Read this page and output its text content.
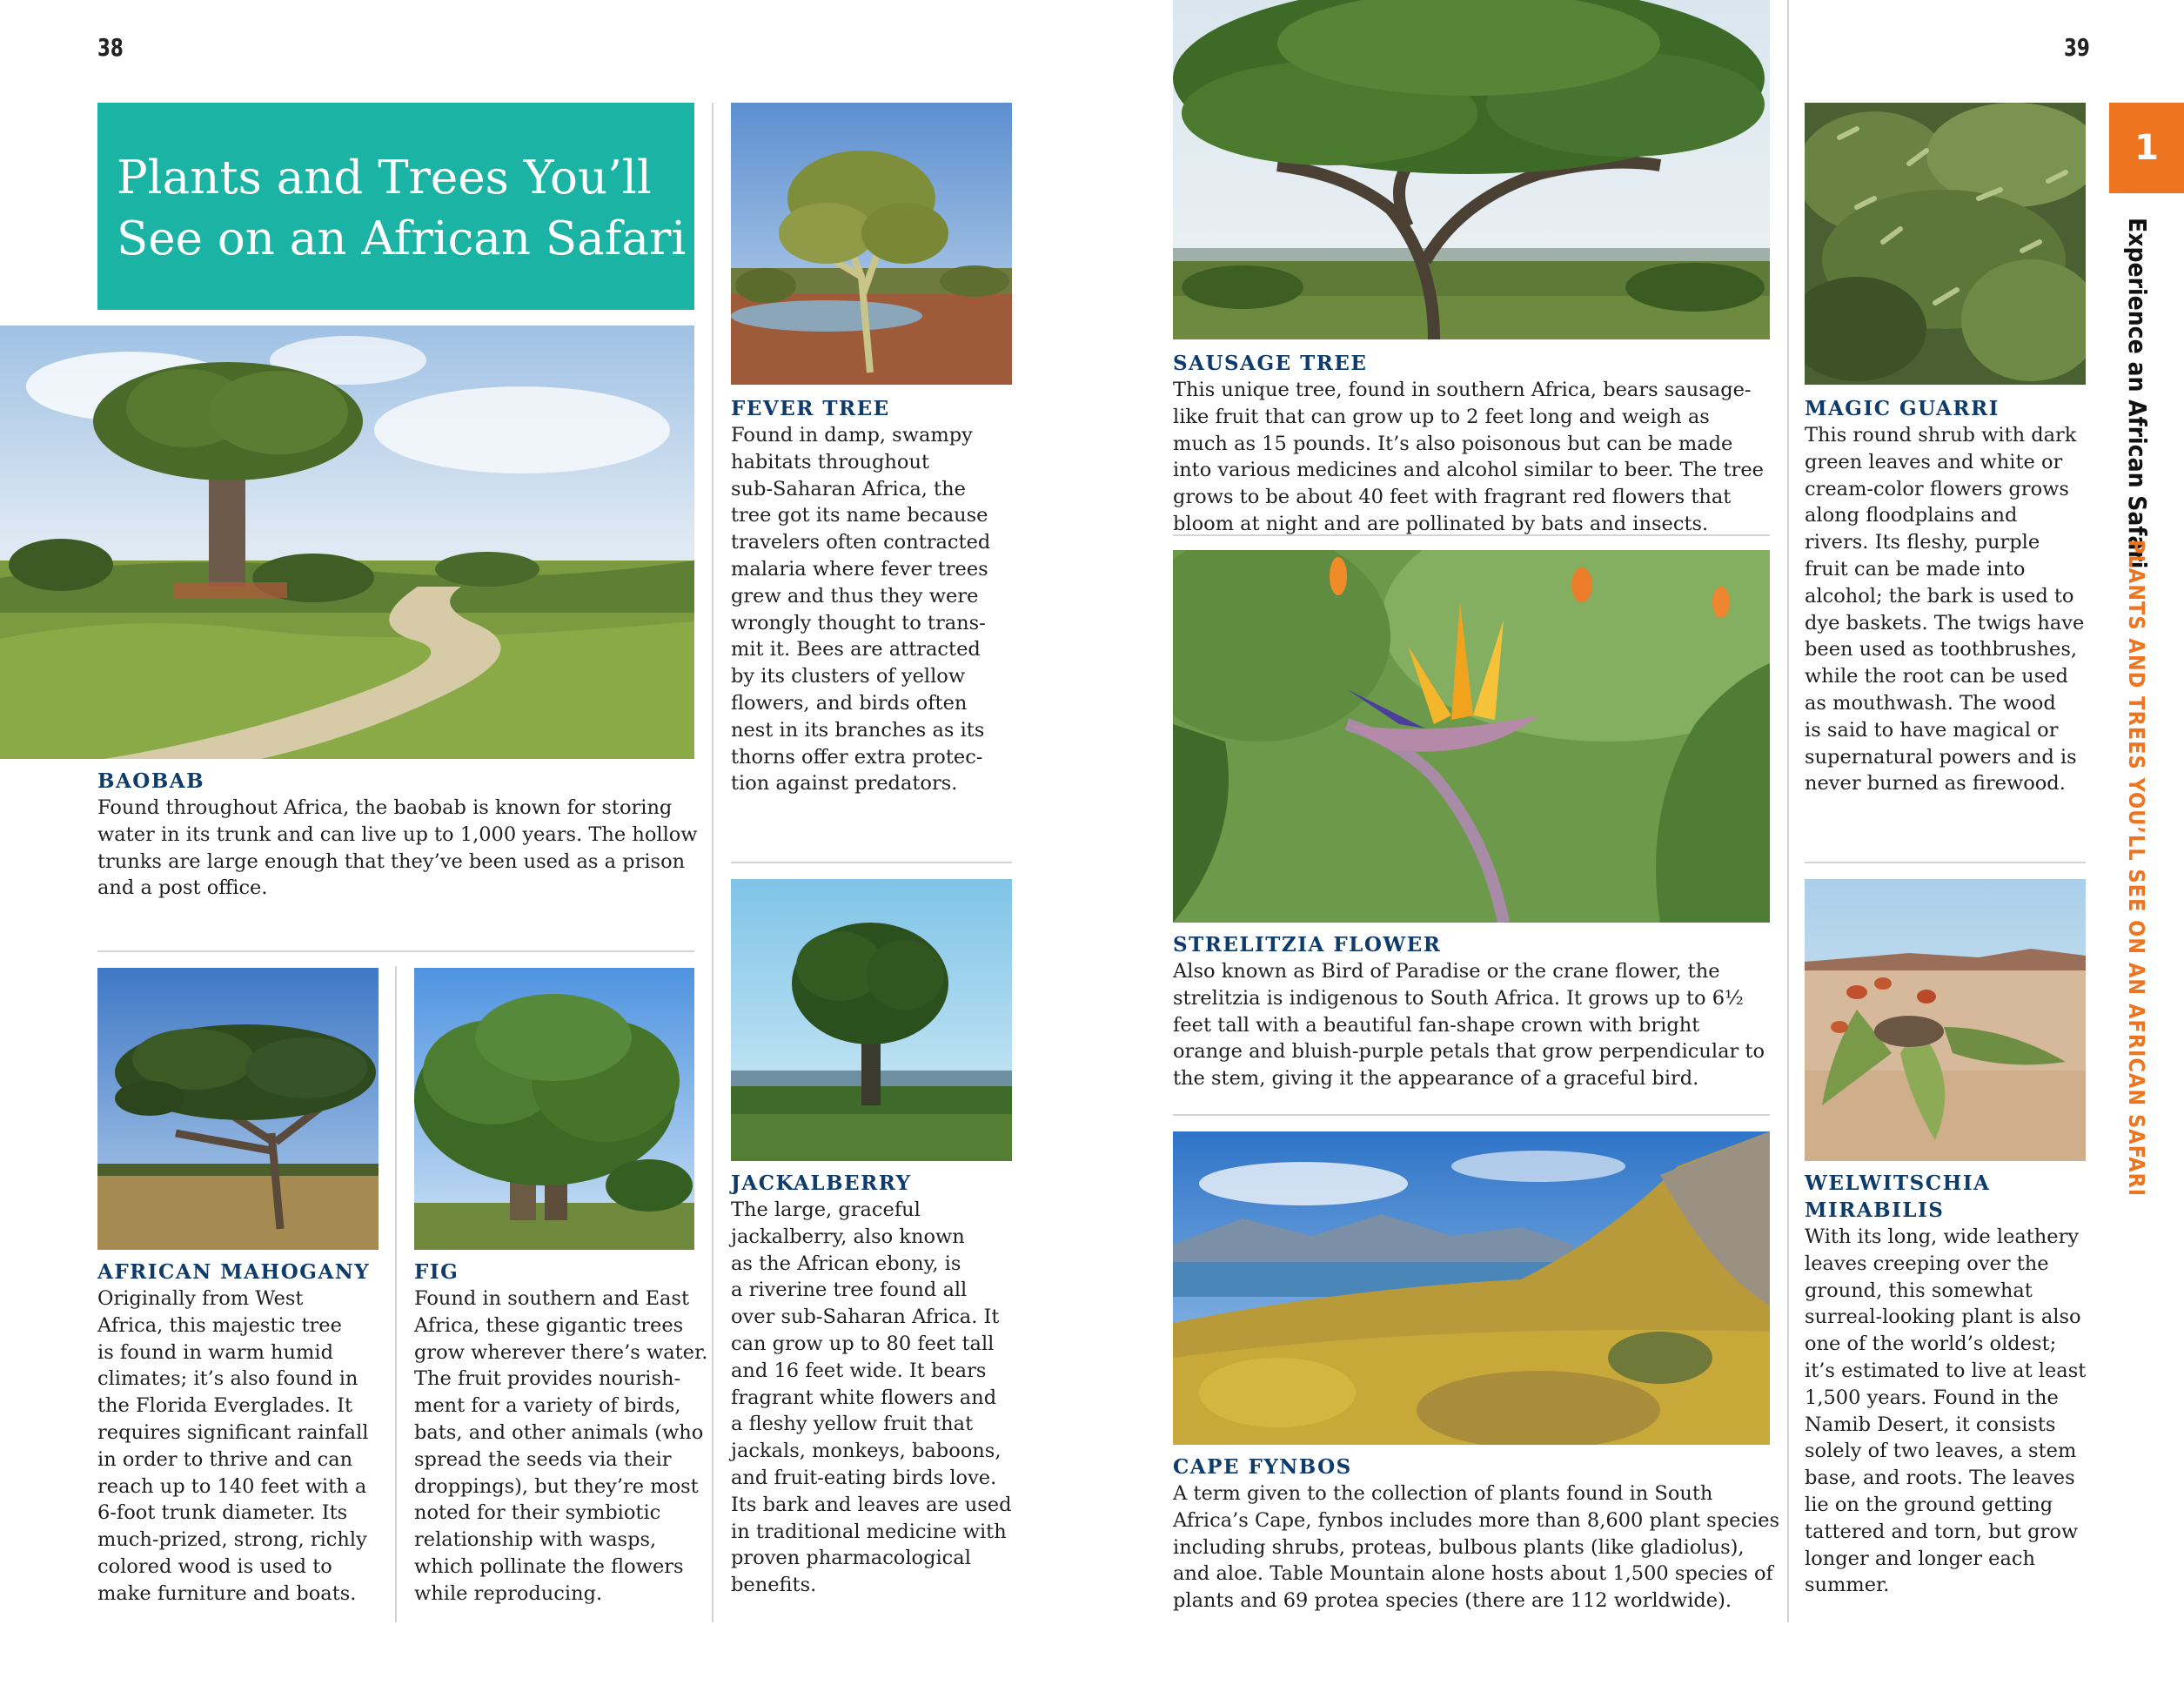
38	39
Plants and Trees You’ll
See on an African Safari
BAOBAB
Found throughout Africa, the baobab is known for storing
water in its trunk and can live up to 1,000 years. The hollow
trunks are large enough that they’ve been used as a prison
and a post office.
FEVER TREE
Found in damp, swampy
habitats throughout
sub-Saharan Africa, the
tree got its name because
travelers often contracted
malaria where fever trees
grew and thus they were
wrongly thought to trans-
mit it. Bees are attracted
by its clusters of yellow
flowers, and birds often
nest in its branches as its
thorns offer extra protec-
tion against predators.
AFRICAN MAHOGANY
Originally from West
Africa, this majestic tree
is found in warm humid
climates; it’s also found in
the Florida Everglades. It
requires significant rainfall
in order to thrive and can
reach up to 140 feet with a
6-foot trunk diameter. Its
much-prized, strong, richly
colored wood is used to
make furniture and boats.
FIG
Found in southern and East
Africa, these gigantic trees
grow wherever there’s water.
The fruit provides nourish-
ment for a variety of birds,
bats, and other animals (who
spread the seeds via their
droppings), but they’re most
noted for their symbiotic
relationship with wasps,
which pollinate the flowers
while reproducing.
JACKALBERRY
The large, graceful
jackalberry, also known
as the African ebony, is
a riverine tree found all
over sub-Saharan Africa. It
can grow up to 80 feet tall
and 16 feet wide. It bears
fragrant white flowers and
a fleshy yellow fruit that
jackals, monkeys, baboons,
and fruit-eating birds love.
Its bark and leaves are used
in traditional medicine with
proven pharmacological
benefits.
SAUSAGE TREE
This unique tree, found in southern Africa, bears sausage-
like fruit that can grow up to 2 feet long and weigh as
much as 15 pounds. It’s also poisonous but can be made
into various medicines and alcohol similar to beer. The tree
grows to be about 40 feet with fragrant red flowers that
bloom at night and are pollinated by bats and insects.
STRELITZIA FLOWER
Also known as Bird of Paradise or the crane flower, the
strelitzia is indigenous to South Africa. It grows up to 6½
feet tall with a beautiful fan-shape crown with bright
orange and bluish-purple petals that grow perpendicular to
the stem, giving it the appearance of a graceful bird.
CAPE FYNBOS
A term given to the collection of plants found in South
Africa’s Cape, fynbos includes more than 8,600 plant species
including shrubs, proteas, bulbous plants (like gladiolus),
and aloe. Table Mountain alone hosts about 1,500 species of
plants and 69 protea species (there are 112 worldwide).
MAGIC GUARRI
This round shrub with dark
green leaves and white or
cream-color flowers grows
along floodplains and
rivers. Its fleshy, purple
fruit can be made into
alcohol; the bark is used to
dye baskets. The twigs have
been used as toothbrushes,
while the root can be used
as mouthwash. The wood
is said to have magical or
supernatural powers and is
never burned as firewood.
WELWITSCHIA
MIRABILIS
With its long, wide leathery
leaves creeping over the
ground, this somewhat
surreal-looking plant is also
one of the world’s oldest;
it’s estimated to live at least
1,500 years. Found in the
Namib Desert, it consists
solely of two leaves, a stem
base, and roots. The leaves
lie on the ground getting
tattered and torn, but grow
longer and longer each
summer.
1
Experience an African Safari
PLANTS AND TREES YOU’LL SEE ON AN AFRICAN SAFARI
